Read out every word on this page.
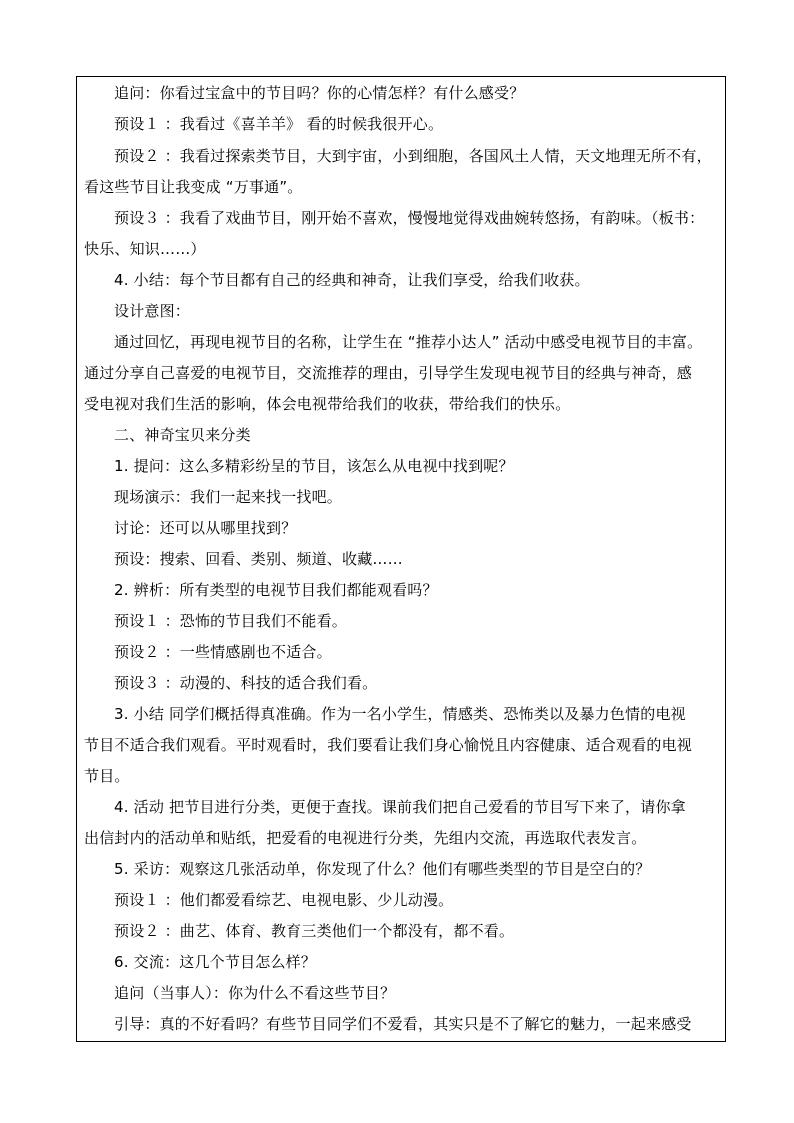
追问：你看过宝盒中的节目吗？你的心情怎样？有什么感受？
预设１ ：我看过《喜羊羊》 看的时候我很开心。
预设２ ：我看过探索类节目，大到宇宙，小到细胞，各国风土人情，天文地理无所不有，
看这些节目让我变成 “万事通”。
预设３ ：我看了戏曲节目，刚开始不喜欢，慢慢地觉得戏曲婉转悠扬，有韵味。（板书：
快乐、知识……）
4. 小结：每个节目都有自己的经典和神奇，让我们享受，给我们收获。
设计意图：
通过回忆，再现电视节目的名称，让学生在 “推荐小达人” 活动中感受电视节目的丰富。
通过分享自己喜爱的电视节目，交流推荐的理由，引导学生发现电视节目的经典与神奇，感
受电视对我们生活的影响，体会电视带给我们的收获，带给我们的快乐。
二、神奇宝贝来分类
1. 提问：这么多精彩纷呈的节目，该怎么从电视中找到呢？
现场演示：我们一起来找一找吧。
讨论：还可以从哪里找到？
预设：搜索、回看、类别、频道、收藏……
2. 辨析：所有类型的电视节目我们都能观看吗？
预设１ ：恐怖的节目我们不能看。
预设２ ：一些情感剧也不适合。
预设３ ：动漫的、科技的适合我们看。
3. 小结 同学们概括得真准确。作为一名小学生，情感类、恐怖类以及暴力色情的电视
节目不适合我们观看。平时观看时，我们要看让我们身心愉悦且内容健康、适合观看的电视
节目。
4. 活动 把节目进行分类，更便于查找。课前我们把自己爱看的节目写下来了，请你拿
出信封内的活动单和贴纸，把爱看的电视进行分类，先组内交流，再选取代表发言。
5. 采访：观察这几张活动单，你发现了什么？他们有哪些类型的节目是空白的？
预设１ ：他们都爱看综艺、电视电影、少儿动漫。
预设２ ：曲艺、体育、教育三类他们一个都没有，都不看。
6. 交流：这几个节目怎么样？
追问（当事人）：你为什么不看这些节目？
引导：真的不好看吗？有些节目同学们不爱看，其实只是不了解它的魅力，一起来感受
